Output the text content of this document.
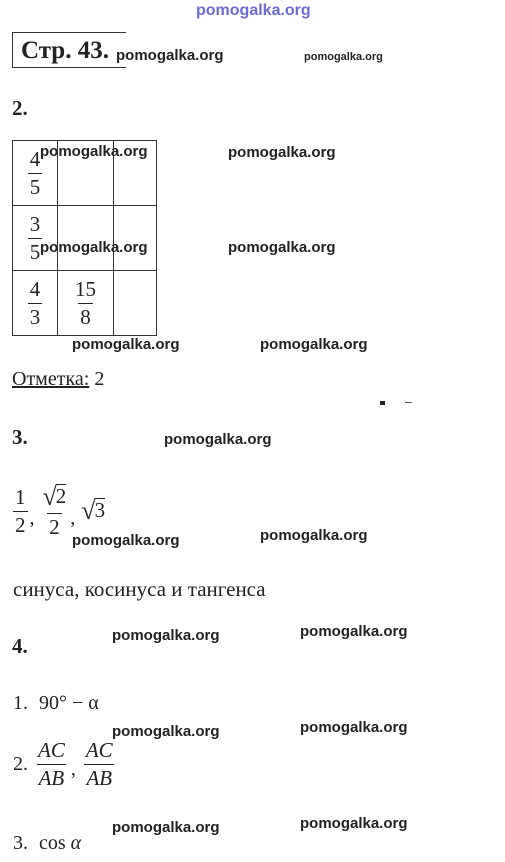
pomogalka.org
pomogalka.org	pomogalka.org
pomogalka.org	pomogalka.org
pomogalka.org	pomogalka.org
pomogalka.org	pomogalka.org
pomogalka.org
pomogalka.org	pomogalka.org
pomogalka.org	pomogalka.org
pomogalka.org	pomogalka.org
pomogalka.org	pomogalka.org
Стр. 43.
2.
$\frac{4}{5}$

$\frac{3}{5}$

$\frac{4}{3}$	$\frac{15}{8}$

Отметка: 2
3.
$\frac{1}{2}$ , $\frac{√ 2}{2}$ , √ 3
синуса, косинуса и тангенса
4.
1. 90° − α
2. $\frac{AC}{AB}$ , $\frac{AC}{AB}$
3. cos α
